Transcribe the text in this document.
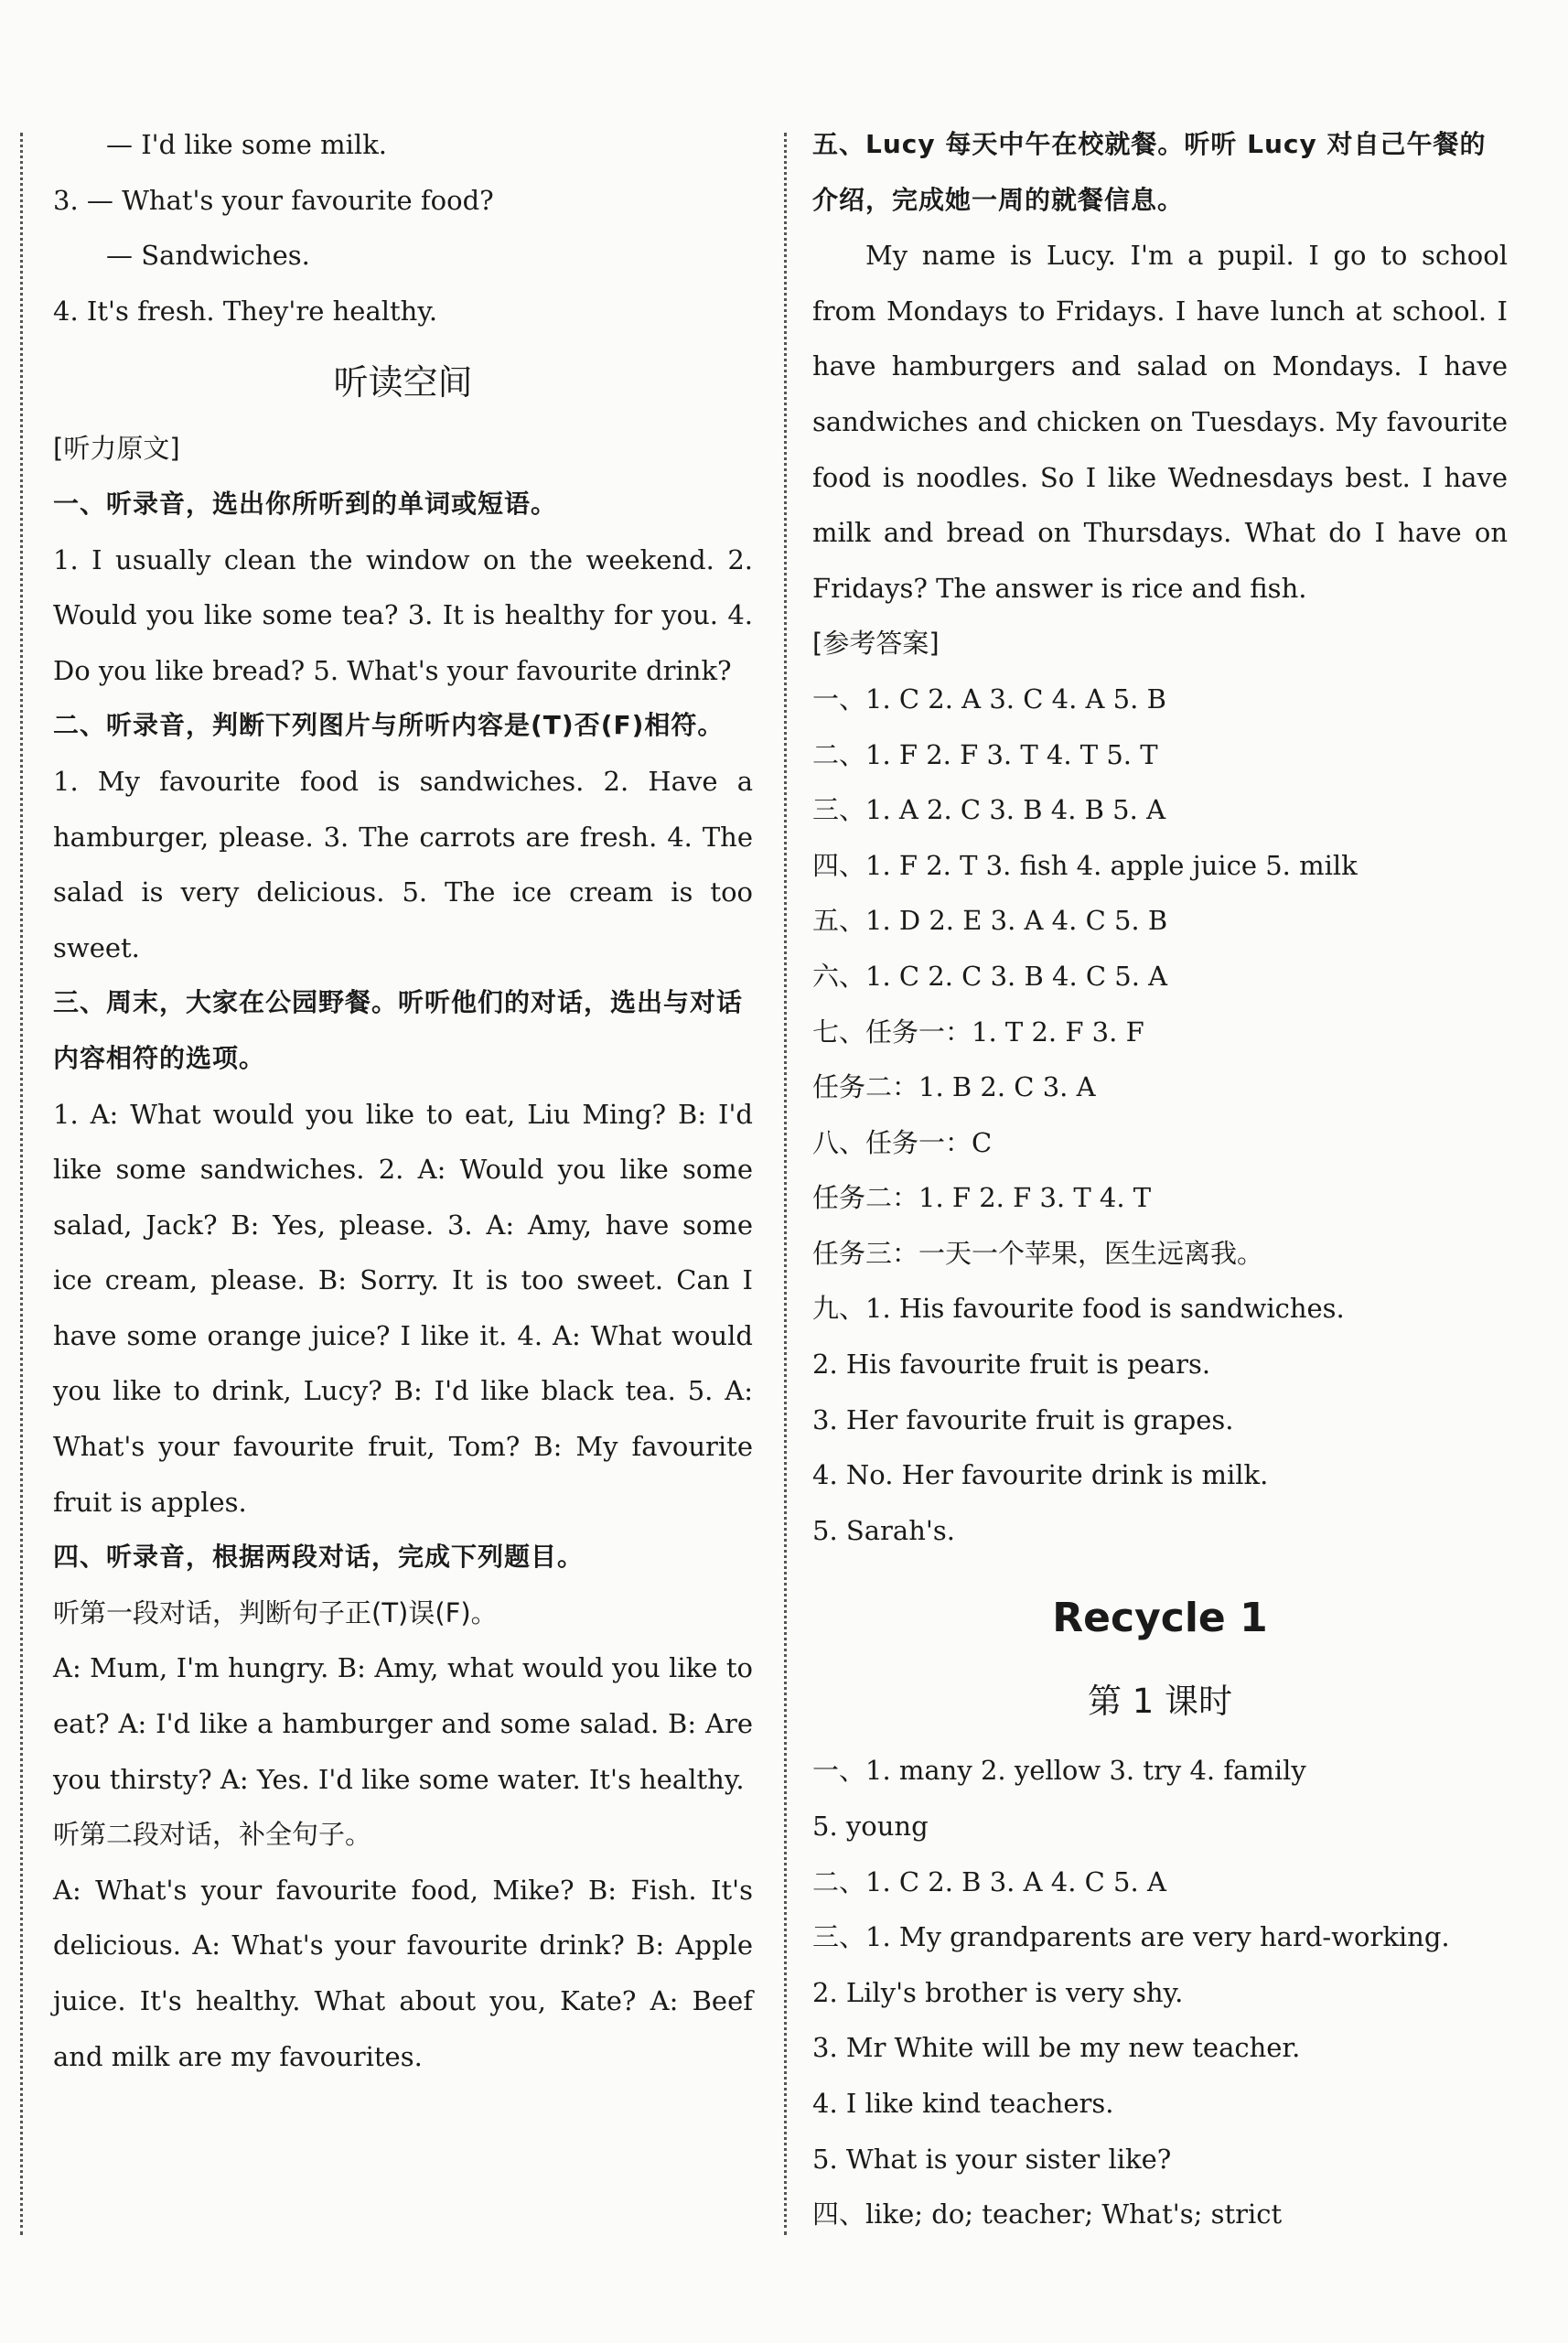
— I'd like some milk.
3. — What's your favourite food?
— Sandwiches.
4. It's fresh. They're healthy.
听读空间
[听力原文]
一、听录音，选出你所听到的单词或短语。
1. I usually clean the window on the weekend. 2. Would you like some tea? 3. It is healthy for you. 4. Do you like bread? 5. What's your favourite drink?
二、听录音，判断下列图片与所听内容是(T)否(F)相符。
1. My favourite food is sandwiches. 2. Have a hamburger, please. 3. The carrots are fresh. 4. The salad is very delicious. 5. The ice cream is too sweet.
三、周末，大家在公园野餐。听听他们的对话，选出与对话内容相符的选项。
1. A: What would you like to eat, Liu Ming? B: I'd like some sandwiches. 2. A: Would you like some salad, Jack? B: Yes, please. 3. A: Amy, have some ice cream, please. B: Sorry. It is too sweet. Can I have some orange juice? I like it. 4. A: What would you like to drink, Lucy? B: I'd like black tea. 5. A: What's your favourite fruit, Tom? B: My favourite fruit is apples.
四、听录音，根据两段对话，完成下列题目。
听第一段对话，判断句子正(T)误(F)。
A: Mum, I'm hungry. B: Amy, what would you like to eat? A: I'd like a hamburger and some salad. B: Are you thirsty? A: Yes. I'd like some water. It's healthy.
听第二段对话，补全句子。
A: What's your favourite food, Mike? B: Fish. It's delicious. A: What's your favourite drink? B: Apple juice. It's healthy. What about you, Kate? A: Beef and milk are my favourites.
五、Lucy 每天中午在校就餐。听听 Lucy 对自己午餐的介绍，完成她一周的就餐信息。
My name is Lucy. I'm a pupil. I go to school from Mondays to Fridays. I have lunch at school. I have hamburgers and salad on Mondays. I have sandwiches and chicken on Tuesdays. My favourite food is noodles. So I like Wednesdays best. I have milk and bread on Thursdays. What do I have on Fridays? The answer is rice and fish.
[参考答案]
一、1. C 2. A 3. C 4. A 5. B
二、1. F 2. F 3. T 4. T 5. T
三、1. A 2. C 3. B 4. B 5. A
四、1. F 2. T 3. fish 4. apple juice 5. milk
五、1. D 2. E 3. A 4. C 5. B
六、1. C 2. C 3. B 4. C 5. A
七、任务一：1. T 2. F 3. F
任务二：1. B 2. C 3. A
八、任务一：C
任务二：1. F 2. F 3. T 4. T
任务三：一天一个苹果，医生远离我。
九、1. His favourite food is sandwiches.
2. His favourite fruit is pears.
3. Her favourite fruit is grapes.
4. No. Her favourite drink is milk.
5. Sarah's.
Recycle 1
第 1 课时
一、1. many 2. yellow 3. try 4. family
5. young
二、1. C 2. B 3. A 4. C 5. A
三、1. My grandparents are very hard-working.
2. Lily's brother is very shy.
3. Mr White will be my new teacher.
4. I like kind teachers.
5. What is your sister like?
四、like; do; teacher; What's; strict
